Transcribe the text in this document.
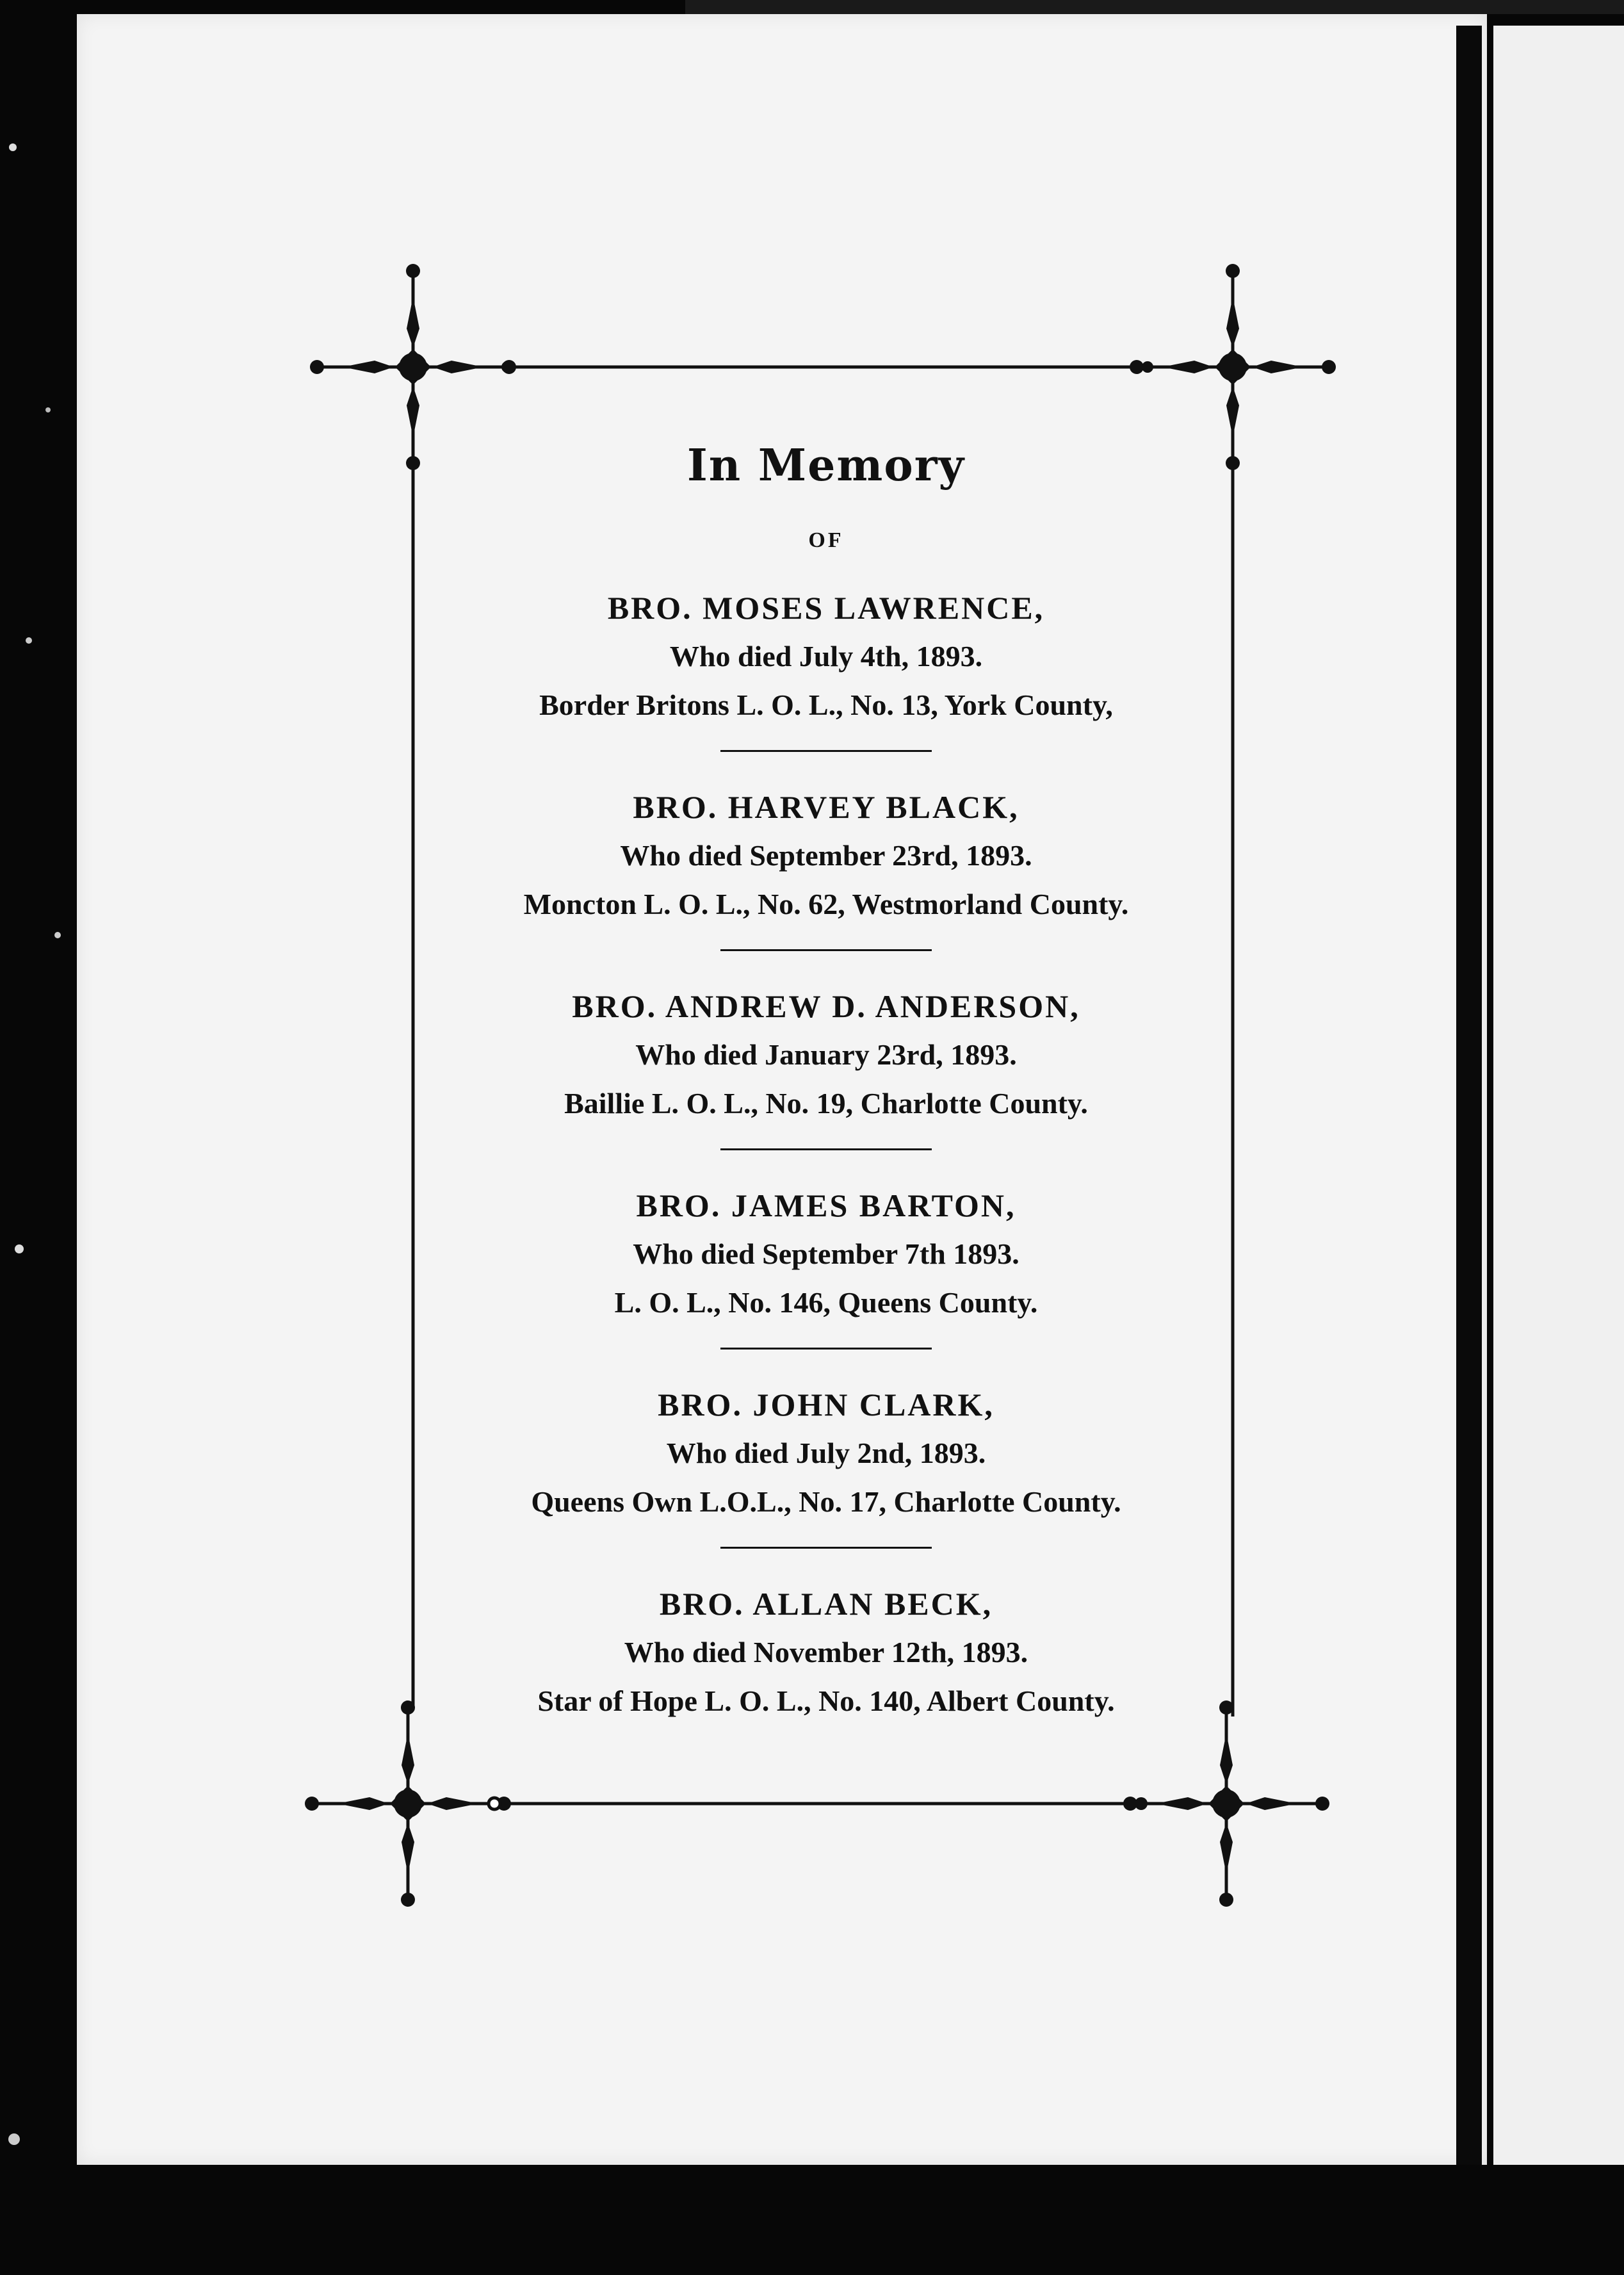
In Memory
OF
BRO. MOSES LAWRENCE,
Who died July 4th, 1893.
Border Britons L. O. L., No. 13, York County,
BRO. HARVEY BLACK,
Who died September 23rd, 1893.
Moncton L. O. L., No. 62, Westmorland County.
BRO. ANDREW D. ANDERSON,
Who died January 23rd, 1893.
Baillie L. O. L., No. 19, Charlotte County.
BRO. JAMES BARTON,
Who died September 7th 1893.
L. O. L., No. 146, Queens County.
BRO. JOHN CLARK,
Who died July 2nd, 1893.
Queens Own L.O.L., No. 17, Charlotte County.
BRO. ALLAN BECK,
Who died November 12th, 1893.
Star of Hope L. O. L., No. 140, Albert County.
